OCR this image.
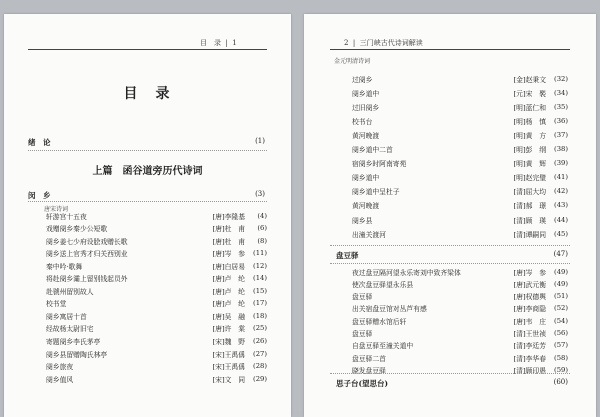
目　录  |  1
目　录
绪　论	(1)
上篇　函谷道旁历代诗词
闵　乡	(3)
唐宋诗词
轩游宫十五夜	[唐]李隆基	(4)
戏赠阌乡秦少公短歌	[唐]杜　甫	(6)
阌乡姜七少府设脍戏赠长歌	[唐]杜　甫	(8)
阌乡送上官秀才归关西别业	[唐]岑　参	(11)
秦中吟·歌舞	[唐]白居易	(12)
将赴阌乡灞上留别钱起员外	[唐]卢　纶	(14)
赴虢州留别故人	[唐]卢　纶	(15)
校书堂	[唐]卢　纶	(17)
阌乡寓居十首	[唐]吴　融	(18)
经故杨太尉旧宅	[唐]许　棠	(25)
寄题阌乡李氏茅亭	[宋]魏　野	(26)
阌乡县留赠陶氏林亭	[宋]王禹偁	(27)
阌乡旅夜	[宋]王禹偁	(28)
阌乡值风	[宋]文　同	(29)
2  |  三门峡古代诗词解读
金元明清诗词
过阌乡	[金]赵秉文	(32)
阌乡道中	[元]宋　褧	(34)
过旧阌乡	[明]蓝仁和	(35)
校书台	[明]杨　慎	(36)
黄河晚渡	[明]黄　方	(37)
阌乡道中二首	[明]彭　纲	(38)
宿阌乡时阿南寄苑	[明]黄　辉	(39)
阌乡道中	[明]赵完璧	(41)
阌乡道中呈杜子	[清]屈大均	(42)
黄河晚渡	[清]郝　璟	(43)
阌乡县	[清]顾　瑛	(44)
出潼关渡河	[清]谭嗣同	(45)
盘豆驿	(47)
夜过盘豆隔河望永乐寄刘中致齐梁体	[唐]岑　参	(49)
使次盘豆驿望永乐县	[唐]武元衡	(49)
盘豆驿	[唐]权德舆	(51)
出关宿盘豆馆对丛芦有感	[唐]李商隐	(52)
盘豆驿赠水馆后轩	[唐]韦　庄	(54)
盘豆驿	[清]王世祯	(56)
自盘豆驿至潼关道中	[清]李廷芳	(57)
盘豆驿二首	[清]李华春	(58)
晓发盘豆驿	[清]顾印愚	(59)
思子台(望思台)	(60)
